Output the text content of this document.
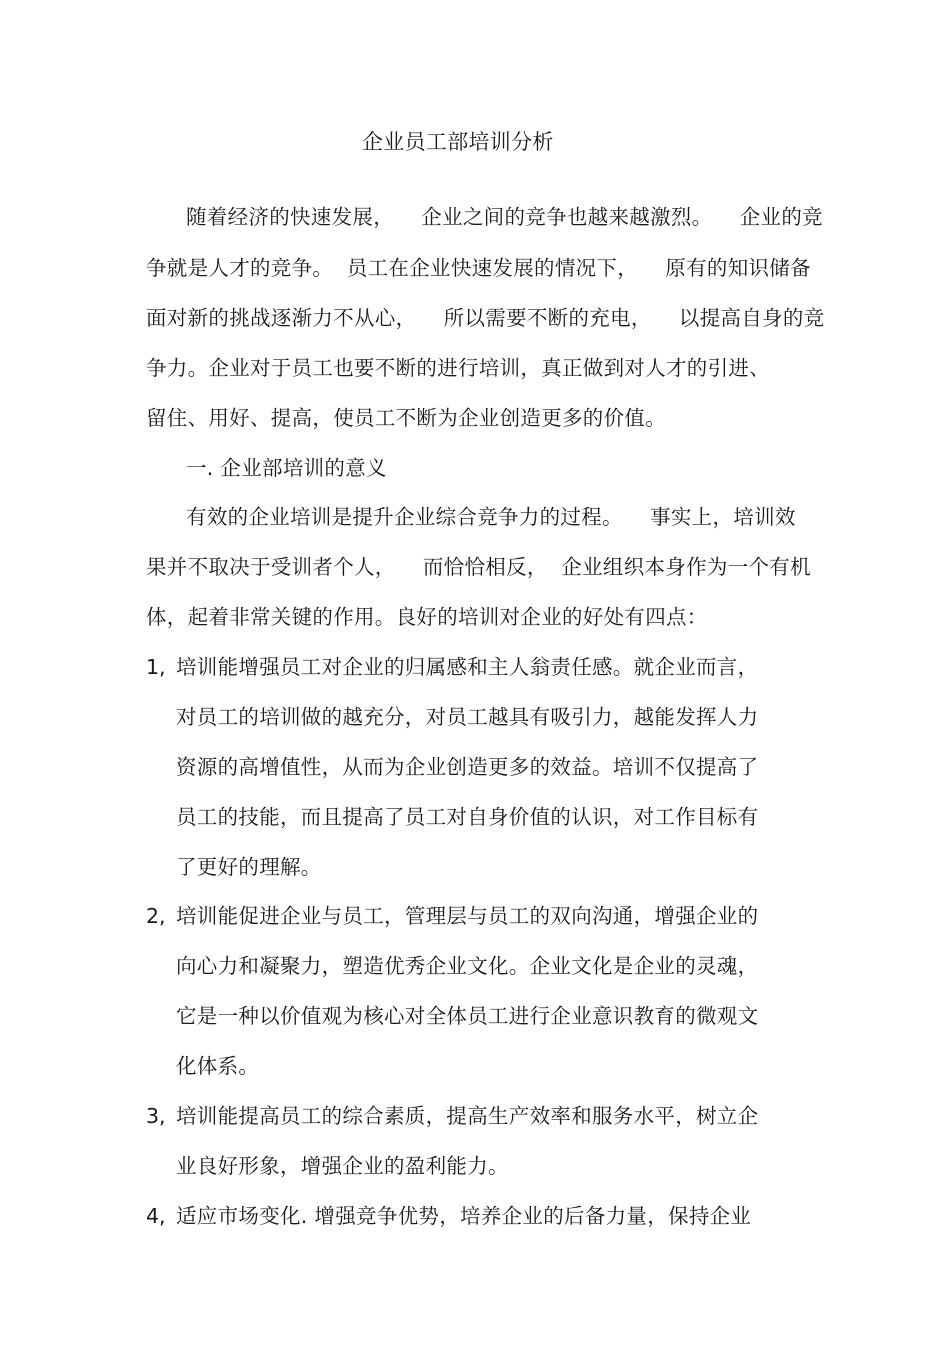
企业员工部培训分析
随着经济的快速发展，    企业之间的竞争也越来越激烈。    企业的竞
争就是人才的竞争。  员工在企业快速发展的情况下，    原有的知识储备
面对新的挑战逐渐力不从心，    所以需要不断的充电，    以提高自身的竞
争力。企业对于员工也要不断的进行培训，真正做到对人才的引进、
留住、用好、提高，使员工不断为企业创造更多的价值。
一. 企业部培训的意义
有效的企业培训是提升企业综合竞争力的过程。    事实上，培训效
果并不取决于受训者个人，    而恰恰相反，  企业组织本身作为一个有机
体，起着非常关键的作用。良好的培训对企业的好处有四点：
1, 培训能增强员工对企业的归属感和主人翁责任感。就企业而言，
对员工的培训做的越充分，对员工越具有吸引力，越能发挥人力
资源的高增值性，从而为企业创造更多的效益。培训不仅提高了
员工的技能，而且提高了员工对自身价值的认识，对工作目标有
了更好的理解。
2, 培训能促进企业与员工，管理层与员工的双向沟通，增强企业的
向心力和凝聚力，塑造优秀企业文化。企业文化是企业的灵魂，
它是一种以价值观为核心对全体员工进行企业意识教育的微观文
化体系。
3, 培训能提高员工的综合素质，提高生产效率和服务水平，树立企
业良好形象，增强企业的盈利能力。
4, 适应市场变化. 增强竞争优势，培养企业的后备力量，保持企业
